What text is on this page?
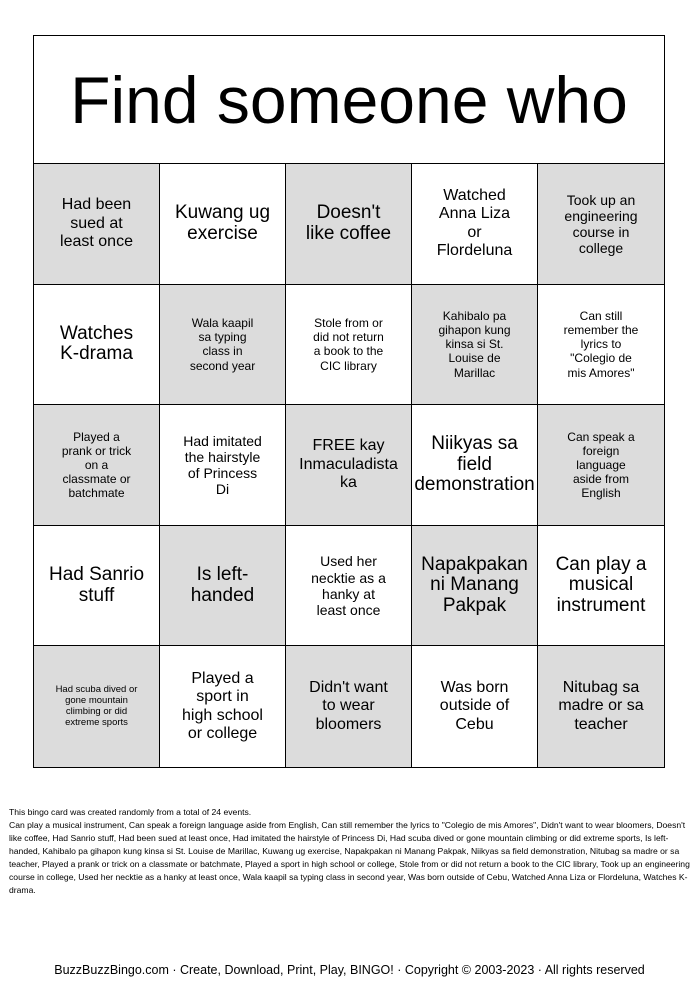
Find someone who
Had been sued at least once
Kuwang ug exercise
Doesn't like coffee
Watched Anna Liza or Flordeluna
Took up an engineering course in college
Watches K-drama
Wala kaapil sa typing class in second year
Stole from or did not return a book to the CIC library
Kahibalo pa gihapon kung kinsa si St. Louise de Marillac
Can still remember the lyrics to "Colegio de mis Amores"
Played a prank or trick on a classmate or batchmate
Had imitated the hairstyle of Princess Di
FREE kay Inmaculadista ka
Niikyas sa field demonstration
Can speak a foreign language aside from English
Had Sanrio stuff
Is left-handed
Used her necktie as a hanky at least once
Napakpakan ni Manang Pakpak
Can play a musical instrument
Had scuba dived or gone mountain climbing or did extreme sports
Played a sport in high school or college
Didn't want to wear bloomers
Was born outside of Cebu
Nitubag sa madre or sa teacher

This bingo card was created randomly from a total of 24 events.

Can play a musical instrument, Can speak a foreign language aside from English, Can still remember the lyrics to "Colegio de mis Amores", Didn't want to wear bloomers, Doesn't like coffee, Had Sanrio stuff, Had been sued at least once, Had imitated the hairstyle of Princess Di, Had scuba dived or gone mountain climbing or did extreme sports, Is left-handed, Kahibalo pa gihapon kung kinsa si St. Louise de Marillac, Kuwang ug exercise, Napakpakan ni Manang Pakpak, Niikyas sa field demonstration, Nitubag sa madre or sa teacher, Played a prank or trick on a classmate or batchmate, Played a sport in high school or college, Stole from or did not return a book to the CIC library, Took up an engineering course in college, Used her necktie as a hanky at least once, Wala kaapil sa typing class in second year, Was born outside of Cebu, Watched Anna Liza or Flordeluna, Watches K-drama.

BuzzBuzzBingo.com · Create, Download, Print, Play, BINGO! · Copyright © 2003-2023 · All rights reserved
